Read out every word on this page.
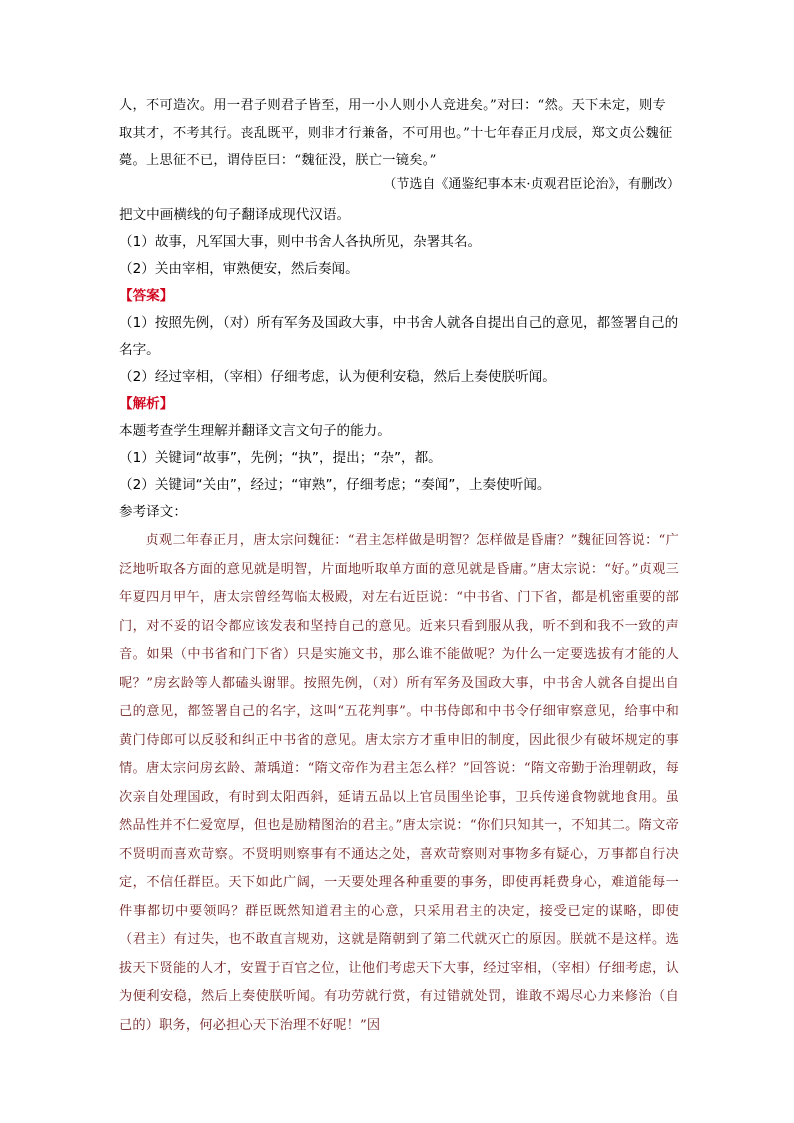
人，不可造次。用一君子则君子皆至，用一小人则小人竞进矣。”对曰：“然。天下未定，则专取其才，不考其行。丧乱既平，则非才行兼备，不可用也。”十七年春正月戊辰，郑文贞公魏征薨。上思征不已，谓侍臣曰：“魏征没，朕亡一镜矣。”

（节选自《通鉴纪事本末·贞观君臣论治》，有删改）
把文中画横线的句子翻译成现代汉语。
（1）故事，凡军国大事，则中书舍人各执所见，杂署其名。
（2）关由宰相，审熟便安，然后奏闻。
【答案】
（1）按照先例，（对）所有军务及国政大事，中书舍人就各自提出自己的意见，都签署自己的名字。
（2）经过宰相，（宰相）仔细考虑，认为便利安稳，然后上奏使朕听闻。
【解析】
本题考查学生理解并翻译文言文句子的能力。
（1）关键词“故事”，先例；“执”，提出；“杂”，都。
（2）关键词“关由”，经过；“审熟”，仔细考虑；“奏闻”，上奏使听闻。
参考译文：

贞观二年春正月，唐太宗问魏征：“君主怎样做是明智？怎样做是昏庸？”魏征回答说：“广泛地听取各方面的意见就是明智，片面地听取单方面的意见就是昏庸。”唐太宗说：“好。”贞观三年夏四月甲午，唐太宗曾经驾临太极殿，对左右近臣说：“中书省、门下省，都是机密重要的部门，对不妥的诏令都应该发表和坚持自己的意见。近来只看到服从我，听不到和我不一致的声音。如果（中书省和门下省）只是实施文书，那么谁不能做呢？为什么一定要选拔有才能的人呢？”房玄龄等人都磕头谢罪。按照先例，（对）所有军务及国政大事，中书舍人就各自提出自己的意见，都签署自己的名字，这叫“五花判事”。中书侍郎和中书令仔细审察意见，给事中和黄门侍郎可以反驳和纠正中书省的意见。唐太宗方才重申旧的制度，因此很少有破坏规定的事情。唐太宗问房玄龄、萧瑀道：“隋文帝作为君主怎么样？”回答说：“隋文帝勤于治理朝政，每次亲自处理国政，有时到太阳西斜，延请五品以上官员围坐论事，卫兵传递食物就地食用。虽然品性并不仁爱宽厚，但也是励精图治的君主。”唐太宗说：“你们只知其一，不知其二。隋文帝不贤明而喜欢苛察。不贤明则察事有不通达之处，喜欢苛察则对事物多有疑心，万事都自行决定，不信任群臣。天下如此广阔，一天要处理各种重要的事务，即使再耗费身心，难道能每一件事都切中要领吗？群臣既然知道君主的心意，只采用君主的决定，接受已定的谋略，即使（君主）有过失，也不敢直言规劝，这就是隋朝到了第二代就灭亡的原因。朕就不是这样。选拔天下贤能的人才，安置于百官之位，让他们考虑天下大事，经过宰相，（宰相）仔细考虑，认为便利安稳，然后上奏使朕听闻。有功劳就行赏，有过错就处罚，谁敢不竭尽心力来修治（自己的）职务，何必担心天下治理不好呢！”因
